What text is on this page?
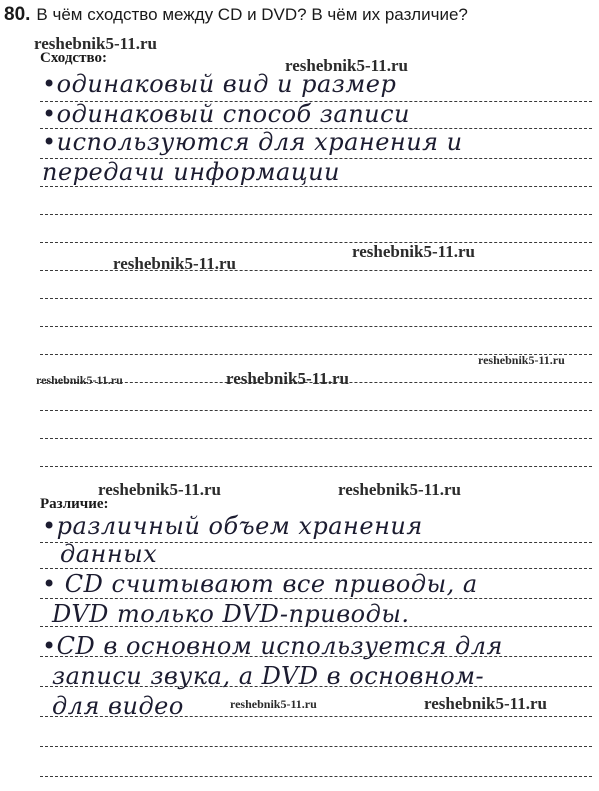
80. В чём сходство между CD и DVD? В чём их различие?
Сходство:
•одинаковый вид и размер
•одинаковый способ записи
•используются для хранения и
передачи информации
Различие:
•различный объем хранения
данных
• CD считывают все приводы, а
DVD только DVD-приводы.
•CD в основном используется для
записи звука, а DVD в основном-
для видео
reshebnik5-11.ru
reshebnik5-11.ru
reshebnik5-11.ru
reshebnik5-11.ru
reshebnik5-11.ru
reshebnik5-11.ru	reshebnik5-11.ru
reshebnik5-11.ru	reshebnik5-11.ru
reshebnik5-11.ru	reshebnik5-11.ru
